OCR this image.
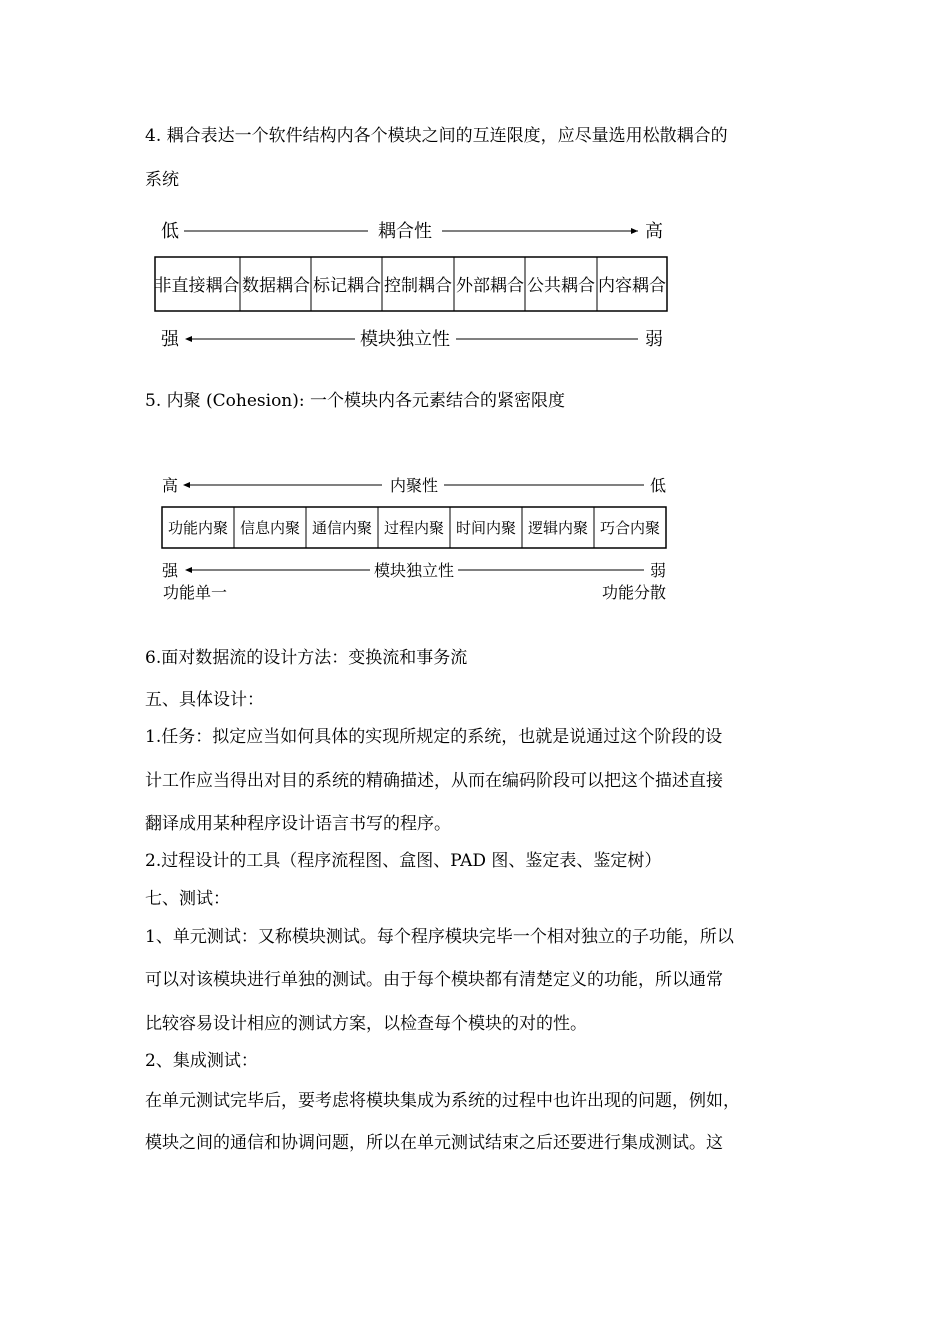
4. 耦合表达一个软件结构内各个模块之间的互连限度，应尽量选用松散耦合的
系统
低	耦合性	高
非直接耦合 数据耦合 标记耦合 控制耦合 外部耦合 公共耦合 内容耦合
强	模块独立性	弱
5. 内聚 (Cohesion): 一个模块内各元素结合的紧密限度
高	内聚性	低
功能内聚 信息内聚 通信内聚 过程内聚 时间内聚 逻辑内聚 巧合内聚
强	模块独立性	弱
功能单一	功能分散
6.面对数据流的设计方法：变换流和事务流
五、具体设计：
1.任务：拟定应当如何具体的实现所规定的系统，也就是说通过这个阶段的设
计工作应当得出对目的系统的精确描述，从而在编码阶段可以把这个描述直接
翻译成用某种程序设计语言书写的程序。
2.过程设计的工具（程序流程图、盒图、PAD 图、鉴定表、鉴定树）
七、测试：
1、单元测试：又称模块测试。每个程序模块完毕一个相对独立的子功能，所以
可以对该模块进行单独的测试。由于每个模块都有清楚定义的功能，所以通常
比较容易设计相应的测试方案，以检查每个模块的对的性。
2、集成测试：
在单元测试完毕后，要考虑将模块集成为系统的过程中也许出现的问题，例如，
模块之间的通信和协调问题，所以在单元测试结束之后还要进行集成测试。这
